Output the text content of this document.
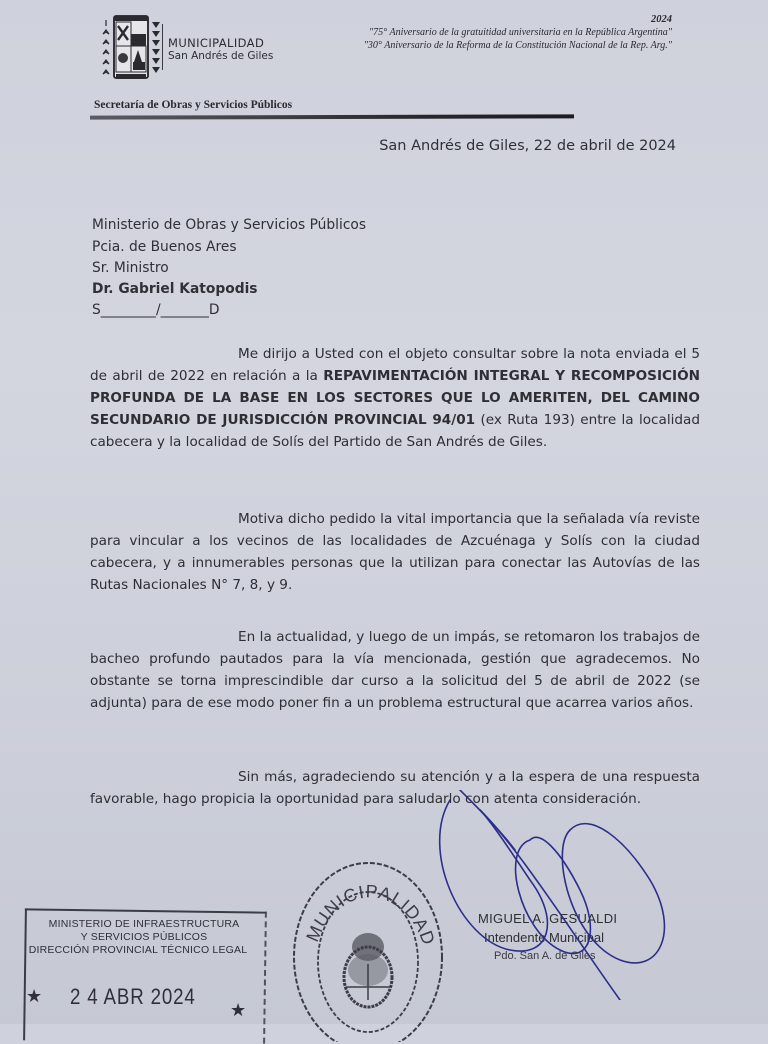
MUNICIPALIDAD
San Andrés de Giles
Secretaría de Obras y Servicios Públicos
2024
"75° Aniversario de la gratuitidad universitaria en la República Argentina"
"30° Aniversario de la Reforma de la Constitución Nacional de la Rep. Arg."
San Andrés de Giles, 22 de abril de 2024
Ministerio de Obras y Servicios Públicos
Pcia. de Buenos Ares
Sr. Ministro
Dr. Gabriel Katopodis
S________/_______D
Me dirijo a Usted con el objeto consultar sobre la nota enviada el 5 de abril de 2022 en relación a la REPAVIMENTACIÓN INTEGRAL Y RECOMPOSICIÓN PROFUNDA DE LA BASE EN LOS SECTORES QUE LO AMERITEN, DEL CAMINO SECUNDARIO DE JURISDICCIÓN PROVINCIAL 94/01 (ex Ruta 193) entre la localidad cabecera y la localidad de Solís del Partido de San Andrés de Giles.
Motiva dicho pedido la vital importancia que la señalada vía reviste para vincular a los vecinos de las localidades de Azcuénaga y Solís con la ciudad cabecera, y a innumerables personas que la utilizan para conectar las Autovías de las Rutas Nacionales N° 7, 8, y 9.
En la actualidad, y luego de un impás, se retomaron los trabajos de bacheo profundo pautados para la vía mencionada, gestión que agradecemos. No obstante se torna imprescindible dar curso a la solicitud del 5 de abril de 2022 (se adjunta) para de ese modo poner fin a un problema estructural que acarrea varios años.
Sin más, agradeciendo su atención y a la espera de una respuesta favorable, hago propicia la oportunidad para saludarlo con atenta consideración.
MINISTERIO DE INFRAESTRUCTURA
Y SERVICIOS PÚBLICOS
DIRECCIÓN PROVINCIAL TÉCNICO LEGAL
★ 2 4 ABR 2024
★
MUNICIPALIDAD
MIGUEL A. GESUALDI
Intendente Municipal
Pdo. San A. de Giles
